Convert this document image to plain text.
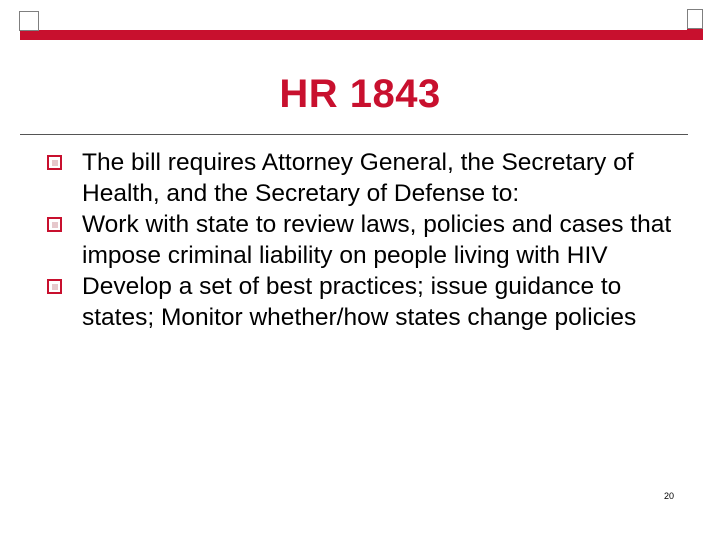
HR 1843
The bill requires Attorney General, the Secretary of Health, and the Secretary of Defense to:
Work with state to review laws, policies and cases that impose criminal liability on people living with HIV
Develop a set of best practices; issue guidance to states; Monitor whether/how states change policies
20
